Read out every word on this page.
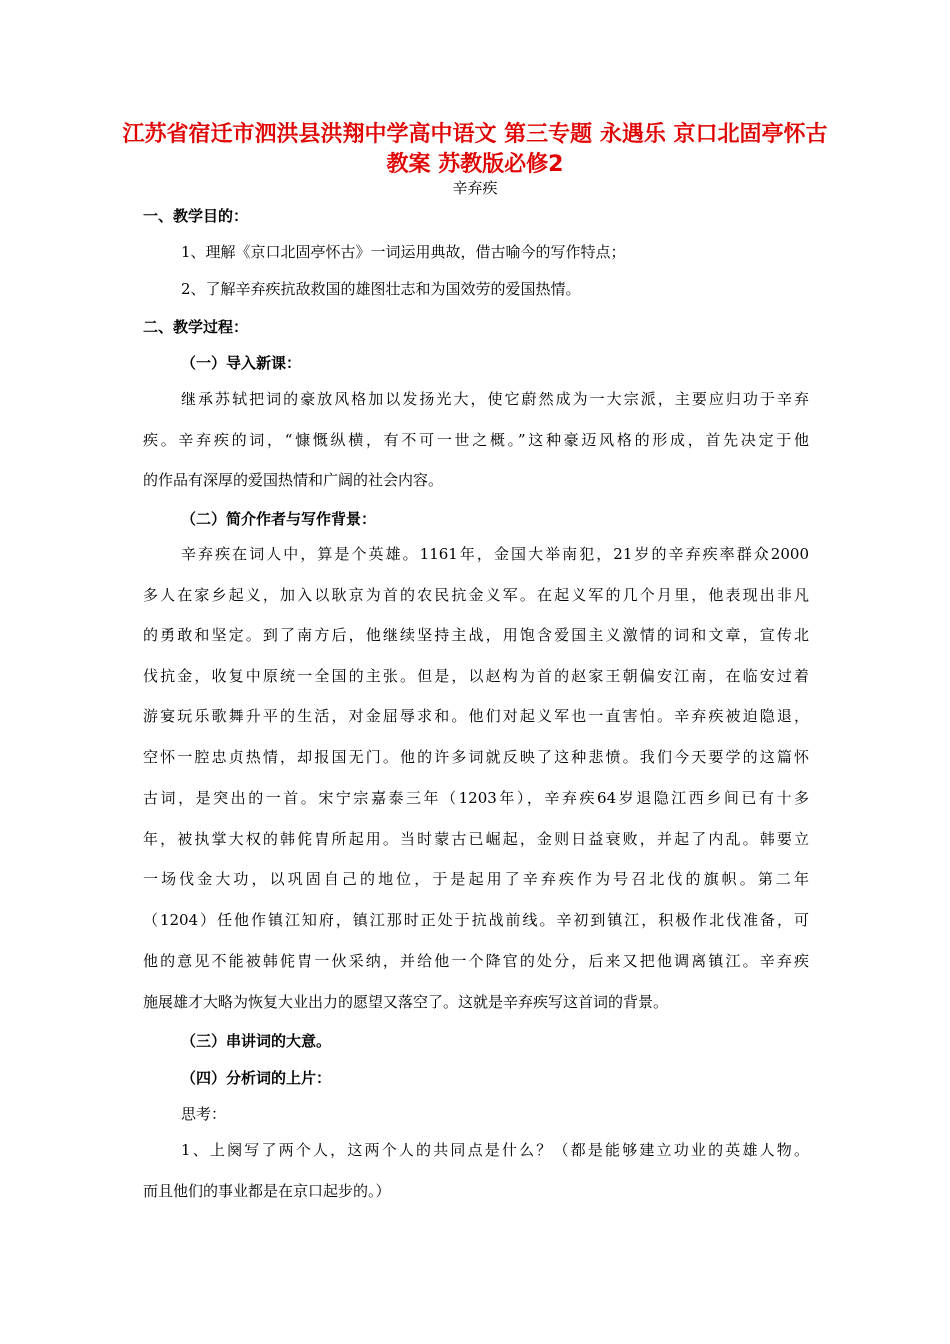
江苏省宿迁市泗洪县洪翔中学高中语文 第三专题 永遇乐 京口北固亭怀古教案 苏教版必修2
辛弃疾
一、教学目的：
1、理解《京口北固亭怀古》一词运用典故，借古喻今的写作特点；
2、了解辛弃疾抗敌救国的雄图壮志和为国效劳的爱国热情。
二、教学过程：
（一）导入新课：
继承苏轼把词的豪放风格加以发扬光大，使它蔚然成为一大宗派，主要应归功于辛弃
疾。辛弃疾的词，“慷慨纵横，有不可一世之概。”这种豪迈风格的形成，首先决定于他
的作品有深厚的爱国热情和广阔的社会内容。
（二）简介作者与写作背景：
辛弃疾在词人中，算是个英雄。1161年，金国大举南犯，21岁的辛弃疾率群众2000
多人在家乡起义，加入以耿京为首的农民抗金义军。在起义军的几个月里，他表现出非凡
的勇敢和坚定。到了南方后，他继续坚持主战，用饱含爱国主义激情的词和文章，宣传北
伐抗金，收复中原统一全国的主张。但是，以赵构为首的赵家王朝偏安江南，在临安过着
游宴玩乐歌舞升平的生活，对金屈辱求和。他们对起义军也一直害怕。辛弃疾被迫隐退，
空怀一腔忠贞热情，却报国无门。他的许多词就反映了这种悲愤。我们今天要学的这篇怀
古词，是突出的一首。宋宁宗嘉泰三年（1203年），辛弃疾64岁退隐江西乡间已有十多
年，被执掌大权的韩侂胄所起用。当时蒙古已崛起，金则日益衰败，并起了内乱。韩要立
一场伐金大功，以巩固自己的地位，于是起用了辛弃疾作为号召北伐的旗帜。第二年
（1204）任他作镇江知府，镇江那时正处于抗战前线。辛初到镇江，积极作北伐准备，可
他的意见不能被韩侂胄一伙采纳，并给他一个降官的处分，后来又把他调离镇江。辛弃疾
施展雄才大略为恢复大业出力的愿望又落空了。这就是辛弃疾写这首词的背景。
（三）串讲词的大意。
（四）分析词的上片：
思考：
1、上阕写了两个人，这两个人的共同点是什么？（都是能够建立功业的英雄人物。
而且他们的事业都是在京口起步的。）
